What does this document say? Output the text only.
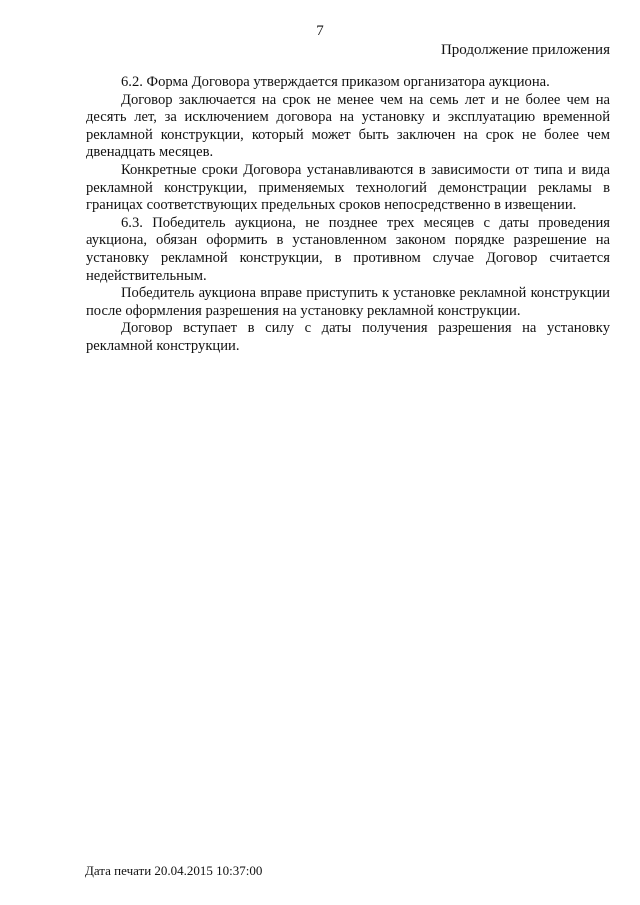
7
Продолжение приложения

6.2. Форма Договора утверждается приказом организатора аукциона.

Договор заключается на срок не менее чем на семь лет и не более чем на десять лет, за исключением договора на установку и эксплуатацию временной рекламной конструкции, который может быть заключен на срок не более чем двенадцать месяцев.

Конкретные сроки Договора устанавливаются в зависимости от типа и вида рекламной конструкции, применяемых технологий демонстрации рекламы в границах соответствующих предельных сроков непосредственно в извещении.

6.3. Победитель аукциона, не позднее трех месяцев с даты проведения аукциона, обязан оформить в установленном законом порядке разрешение на установку рекламной конструкции, в противном случае Договор считается недействительным.

Победитель аукциона вправе приступить к установке рекламной конструкции после оформления разрешения на установку рекламной конструкции.

Договор вступает в силу с даты получения разрешения на установку рекламной конструкции.

Дата печати 20.04.2015 10:37:00
